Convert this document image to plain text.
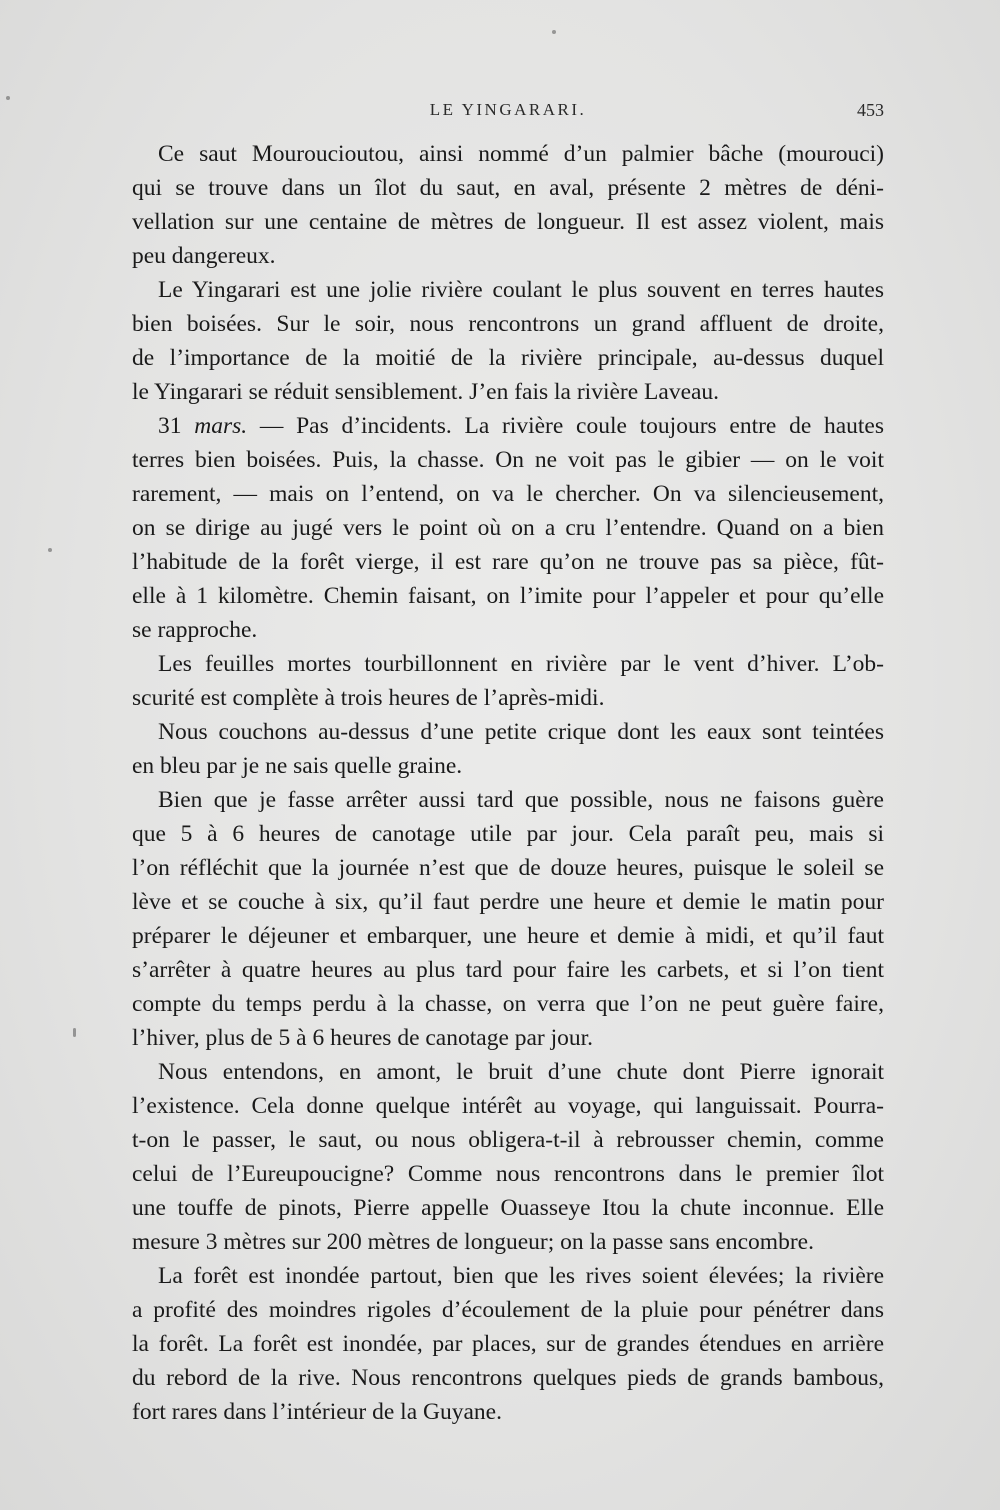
LE YINGARARI.	453
Ce saut Mouroucioutou, ainsi nommé d’un palmier bâche (mourouci)
qui se trouve dans un îlot du saut, en aval, présente 2 mètres de déni-
vellation sur une centaine de mètres de longueur. Il est assez violent, mais
peu dangereux.
Le Yingarari est une jolie rivière coulant le plus souvent en terres hautes
bien boisées. Sur le soir, nous rencontrons un grand affluent de droite,
de l’importance de la moitié de la rivière principale, au-dessus duquel
le Yingarari se réduit sensiblement. J’en fais la rivière Laveau.
31 mars. — Pas d’incidents. La rivière coule toujours entre de hautes
terres bien boisées. Puis, la chasse. On ne voit pas le gibier — on le voit
rarement, — mais on l’entend, on va le chercher. On va silencieusement,
on se dirige au jugé vers le point où on a cru l’entendre. Quand on a bien
l’habitude de la forêt vierge, il est rare qu’on ne trouve pas sa pièce, fût-
elle à 1 kilomètre. Chemin faisant, on l’imite pour l’appeler et pour qu’elle
se rapproche.
Les feuilles mortes tourbillonnent en rivière par le vent d’hiver. L’ob-
scurité est complète à trois heures de l’après-midi.
Nous couchons au-dessus d’une petite crique dont les eaux sont teintées
en bleu par je ne sais quelle graine.
Bien que je fasse arrêter aussi tard que possible, nous ne faisons guère
que 5 à 6 heures de canotage utile par jour. Cela paraît peu, mais si
l’on réfléchit que la journée n’est que de douze heures, puisque le soleil se
lève et se couche à six, qu’il faut perdre une heure et demie le matin pour
préparer le déjeuner et embarquer, une heure et demie à midi, et qu’il faut
s’arrêter à quatre heures au plus tard pour faire les carbets, et si l’on tient
compte du temps perdu à la chasse, on verra que l’on ne peut guère faire,
l’hiver, plus de 5 à 6 heures de canotage par jour.
Nous entendons, en amont, le bruit d’une chute dont Pierre ignorait
l’existence. Cela donne quelque intérêt au voyage, qui languissait. Pourra-
t-on le passer, le saut, ou nous obligera-t-il à rebrousser chemin, comme
celui de l’Eureupoucigne? Comme nous rencontrons dans le premier îlot
une touffe de pinots, Pierre appelle Ouasseye Itou la chute inconnue. Elle
mesure 3 mètres sur 200 mètres de longueur; on la passe sans encombre.
La forêt est inondée partout, bien que les rives soient élevées; la rivière
a profité des moindres rigoles d’écoulement de la pluie pour pénétrer dans
la forêt. La forêt est inondée, par places, sur de grandes étendues en arrière
du rebord de la rive. Nous rencontrons quelques pieds de grands bambous,
fort rares dans l’intérieur de la Guyane.
